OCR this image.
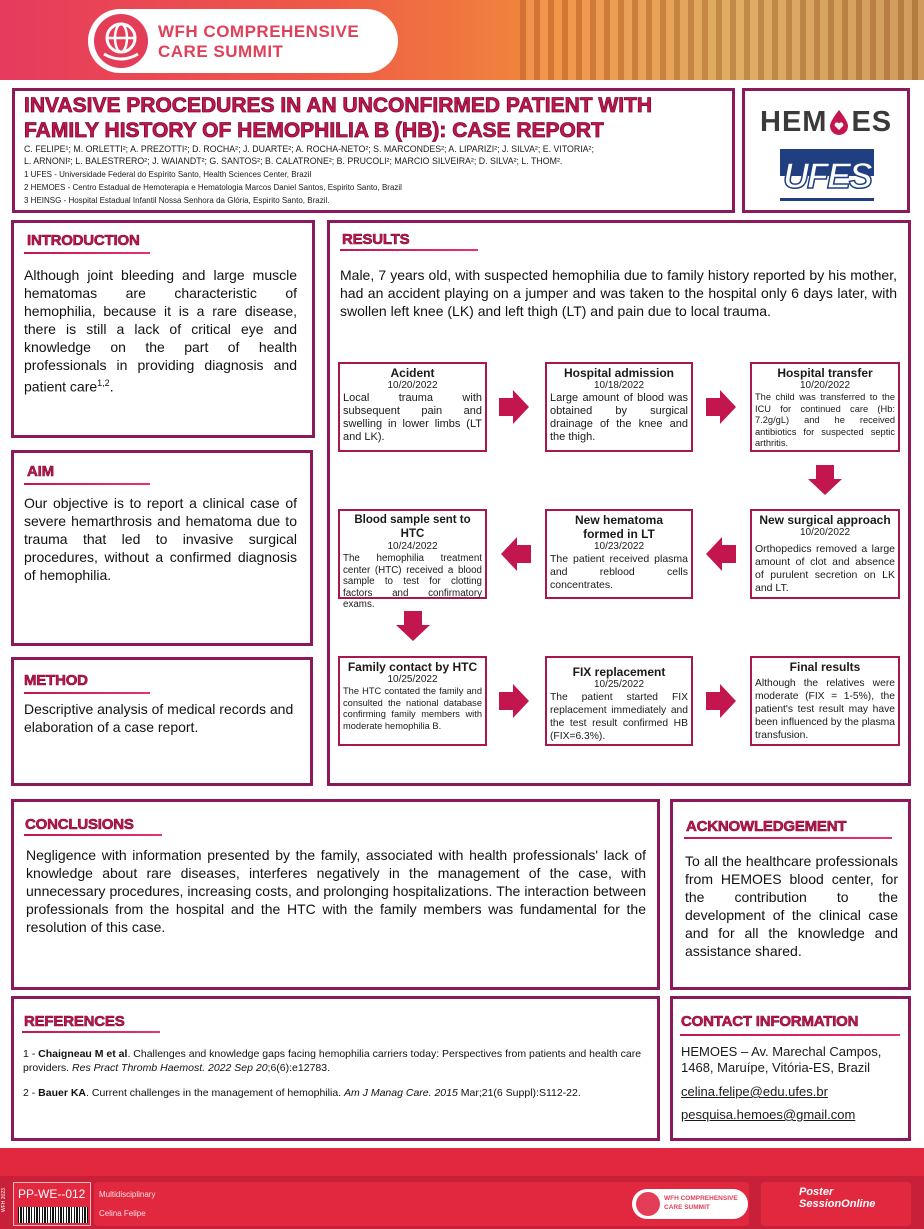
WFH COMPREHENSIVE
CARE SUMMIT
INVASIVE PROCEDURES IN AN UNCONFIRMED PATIENT WITH
FAMILY HISTORY OF HEMOPHILIA B (HB): CASE REPORT
C. FELIPE¹; M. ORLETTI²; A. PREZOTTI²; D. ROCHA²; J. DUARTE²; A. ROCHA-NETO²; S. MARCONDES²; A. LIPARIZI²; J. SILVA²; E. VITORIA²;
L. ARNONI²; L. BALESTRERO²; J. WAIANDT²; G. SANTOS²; B. CALATRONE²; B. PRUCOLI²; MARCIO SILVEIRA²; D. SILVA²; L. THOM².
1 UFES - Universidade Federal do Espírito Santo, Health Sciences Center, Brazil
2 HEMOES - Centro Estadual de Hemoterapia e Hematologia Marcos Daniel Santos, Espirito Santo, Brazil
3 HEINSG - Hospital Estadual Infantil Nossa Senhora da Glória, Espirito Santo, Brazil.
HEM ES
UFES
INTRODUCTION
Although joint bleeding and large muscle hematomas are characteristic of hemophilia, because it is a rare disease, there is still a lack of critical eye and knowledge on the part of health professionals in providing diagnosis and patient care$^{1,2}$.
AIM
Our objective is to report a clinical case of severe hemarthrosis and hematoma due to trauma that led to invasive surgical procedures, without a confirmed diagnosis of hemophilia.
METHOD
Descriptive analysis of medical records and elaboration of a case report.
RESULTS
Male, 7 years old, with suspected hemophilia due to family history reported by his mother, had an accident playing on a jumper and was taken to the hospital only 6 days later, with swollen left knee (LK) and left thigh (LT) and pain due to local trauma.
Acident
10/20/2022
Local trauma with subsequent pain and swelling in lower limbs (LT and LK).
Hospital admission
10/18/2022
Large amount of blood was obtained by surgical drainage of the knee and the thigh.
Hospital transfer
10/20/2022
The child was transferred to the ICU for continued care (Hb: 7.2g/gL) and he received antibiotics for suspected septic arthritis.
Blood sample sent to HTC
10/24/2022
The hemophilia treatment center (HTC) received a blood sample to test for clotting factors and confirmatory exams.
New hematoma formed in LT
10/23/2022
The patient received plasma and reblood cells concentrates.
New surgical approach
10/20/2022
Orthopedics removed a large amount of clot and absence of purulent secretion on LK and LT.
Family contact by HTC
10/25/2022
The HTC contated the family and consulted the national database confirming family members with moderate hemophilia B.
FIX replacement
10/25/2022
The patient started FIX replacement immediately and the test result confirmed HB (FIX=6.3%).
Final results
Although the relatives were moderate (FIX = 1-5%), the patient's test result may have been influenced by the plasma transfusion.
CONCLUSIONS
Negligence with information presented by the family, associated with health professionals' lack of knowledge about rare diseases, interferes negatively in the management of the case, with unnecessary procedures, increasing costs, and prolonging hospitalizations. The interaction between professionals from the hospital and the HTC with the family members was fundamental for the resolution of this case.
ACKNOWLEDGEMENT
To all the healthcare professionals from HEMOES blood center, for the contribution to the development of the clinical case and for all the knowledge and assistance shared.
REFERENCES
1 - Chaigneau M et al. Challenges and knowledge gaps facing hemophilia carriers today: Perspectives from patients and health care providers. Res Pract Thromb Haemost. 2022 Sep 20;6(6):e12783.
2 - Bauer KA. Current challenges in the management of hemophilia. Am J Manag Care. 2015 Mar;21(6 Suppl):S112-22.
CONTACT INFORMATION
HEMOES – Av. Marechal Campos, 1468, Maruípe, Vitória-ES, Brazil
celina.felipe@edu.ufes.br
pesquisa.hemoes@gmail.com
WFH 2023 PP-WE--012 Multidisciplinary
Celina Felipe
WFH COMPREHENSIVE
CARE SUMMIT
Poster
SessionOnline
